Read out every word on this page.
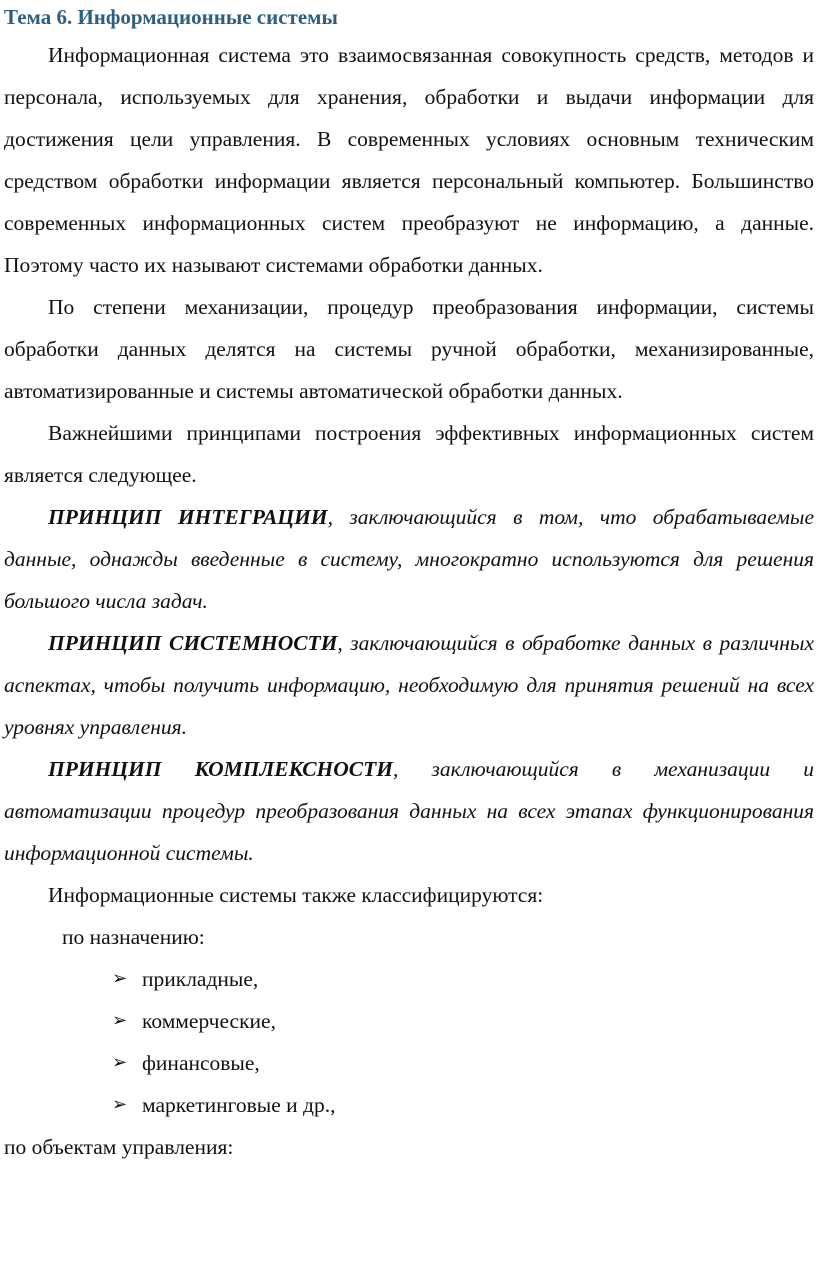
Тема 6. Информационные системы

Информационная система это взаимосвязанная совокупность средств, методов и персонала, используемых для хранения, обработки и выдачи информации для достижения цели управления. В современных условиях основным техническим средством обработки информации является персональный компьютер. Большинство современных информационных систем преобразуют не информацию, а данные. Поэтому часто их называют системами обработки данных.

По степени механизации, процедур преобразования информации, системы обработки данных делятся на системы ручной обработки, механизированные, автоматизированные и системы автоматической обработки данных.

Важнейшими принципами построения эффективных информационных систем является следующее.

ПРИНЦИП ИНТЕГРАЦИИ, заключающийся в том, что обрабатываемые данные, однажды введенные в систему, многократно используются для решения большого числа задач.

ПРИНЦИП СИСТЕМНОСТИ, заключающийся в обработке данных в различных аспектах, чтобы получить информацию, необходимую для принятия решений на всех уровнях управления.

ПРИНЦИП КОМПЛЕКСНОСТИ, заключающийся в механизации и автоматизации процедур преобразования данных на всех этапах функционирования информационной системы.

Информационные системы также классифицируются:

по назначению:

➢ прикладные,
➢ коммерческие,
➢ финансовые,
➢ маркетинговые и др.,

по объектам управления:
